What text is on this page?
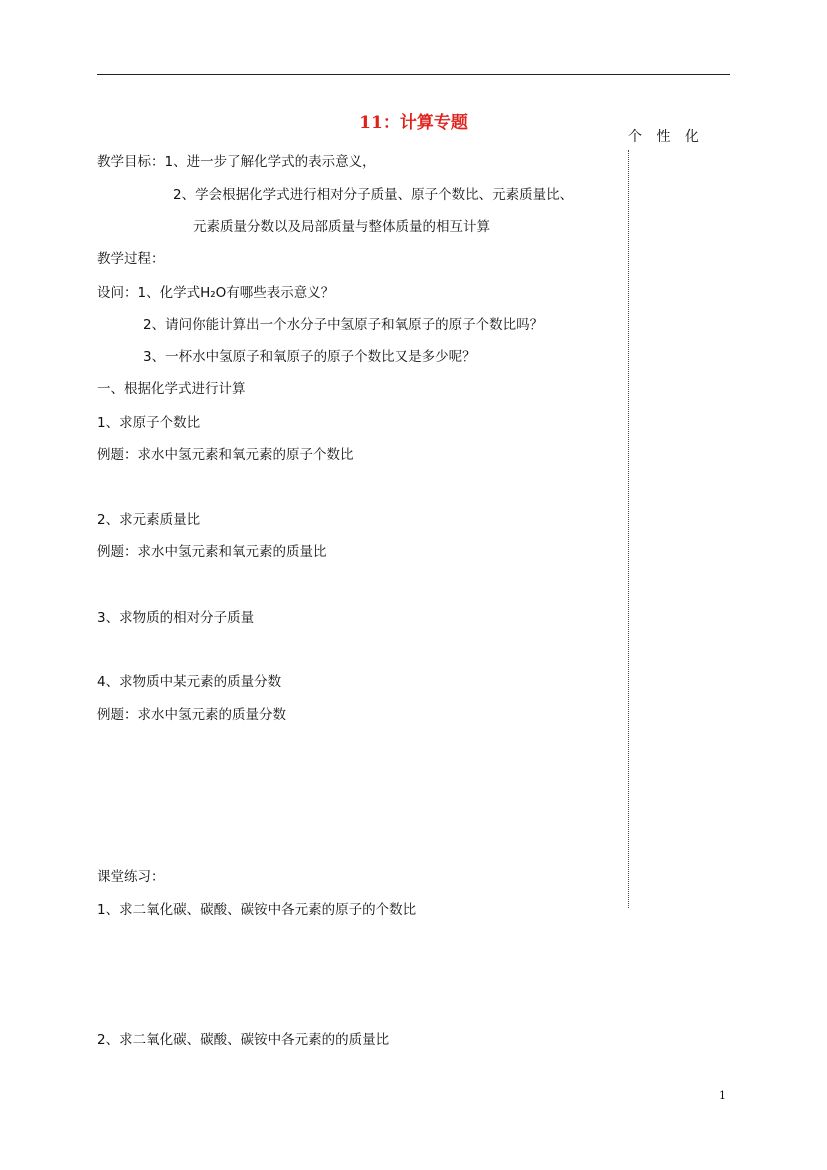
11：计算专题
个 性 化
教学目标：1、进一步了解化学式的表示意义，
2、学会根据化学式进行相对分子质量、原子个数比、元素质量比、
元素质量分数以及局部质量与整体质量的相互计算
教学过程：
设问：1、化学式H₂O有哪些表示意义？
2、请问你能计算出一个水分子中氢原子和氧原子的原子个数比吗？
3、一杯水中氢原子和氧原子的原子个数比又是多少呢？
一、根据化学式进行计算
1、求原子个数比
例题：求水中氢元素和氧元素的原子个数比
2、求元素质量比
例题：求水中氢元素和氧元素的质量比
3、求物质的相对分子质量
4、求物质中某元素的质量分数
例题：求水中氢元素的质量分数
课堂练习：
1、求二氧化碳、碳酸、碳铵中各元素的原子的个数比
2、求二氧化碳、碳酸、碳铵中各元素的的质量比
1
